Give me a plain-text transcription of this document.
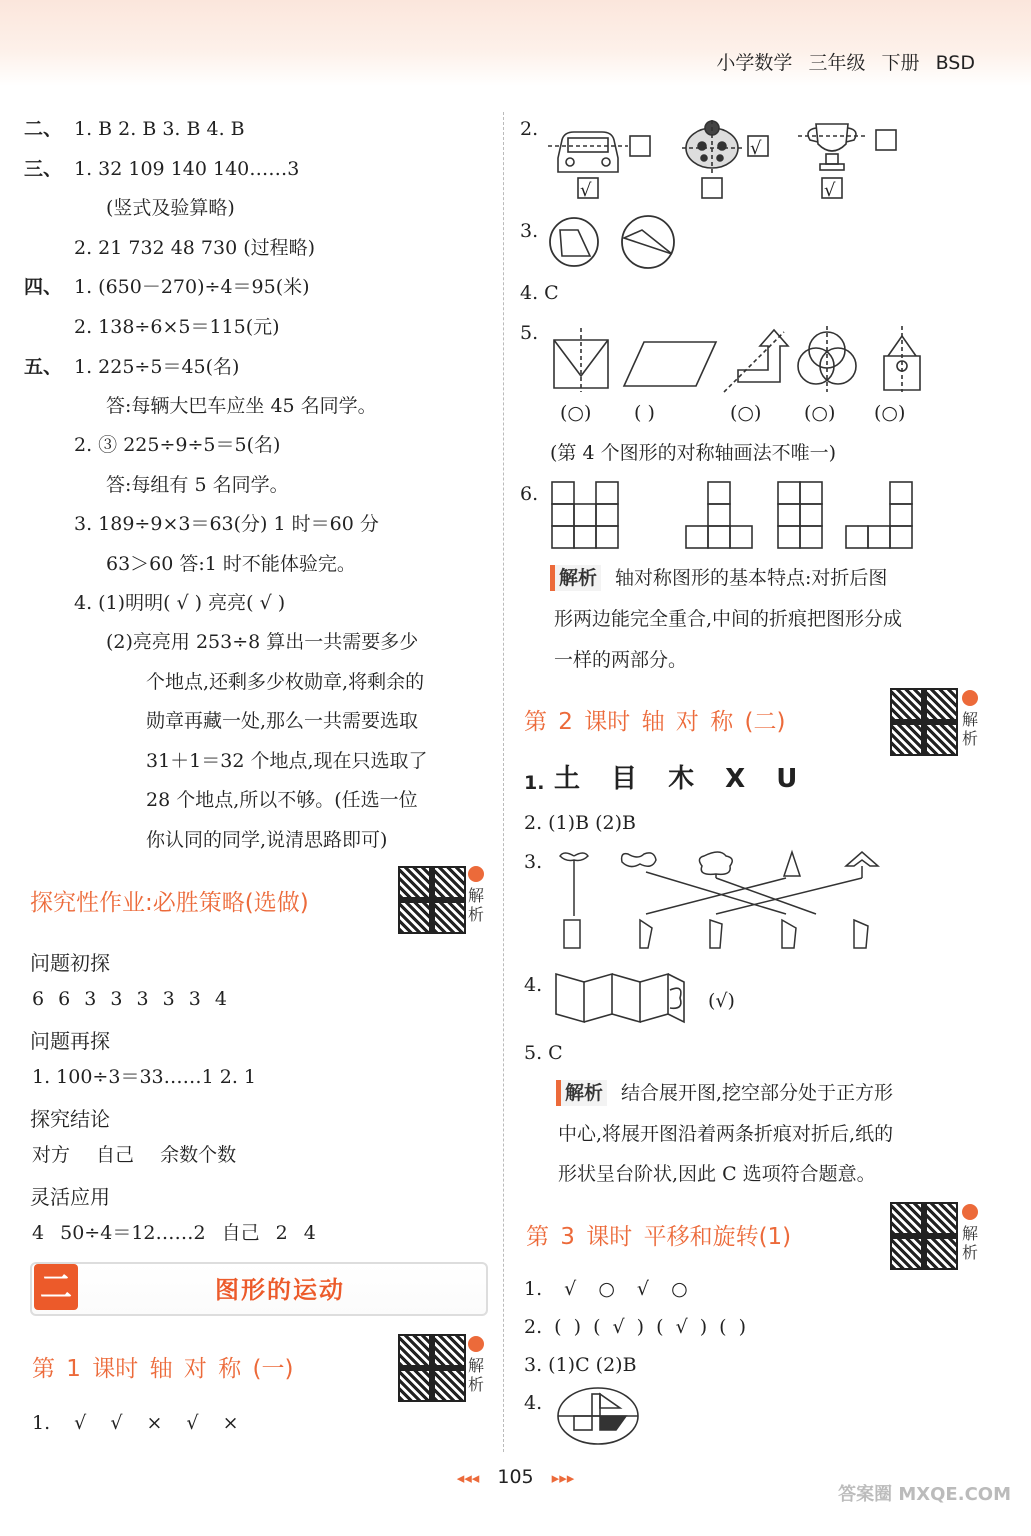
小学数学 三年级 下册 BSD
二、 1. B 2. B 3. B 4. B
三、 1. 32 109 140 140……3
(竖式及验算略)
2. 21 732 48 730 (过程略)
四、 1. (650－270)÷4＝95(米)
2. 138÷6×5＝115(元)
五、 1. 225÷5＝45(名)
答:每辆大巴车应坐 45 名同学。
2. ③ 225÷9÷5＝5(名)
答:每组有 5 名同学。
3. 189÷9×3＝63(分) 1 时＝60 分
63＞60 答:1 时不能体验完。
4. (1)明明( √ ) 亮亮( √ )
(2)亮亮用 253÷8 算出一共需要多少
个地点,还剩多少枚勋章,将剩余的
勋章再藏一处,那么一共需要选取
31＋1＝32 个地点,现在只选取了
28 个地点,所以不够。(任选一位
你认同的同学,说清思路即可)
探究性作业:必胜策略(选做)	解析
问题初探
6 6 3 3 3 3 3 4
问题再探
1. 100÷3＝33……1 2. 1
探究结论
对方 自己 余数个数
灵活应用
4 50÷4＝12……2 自己 2 4
二	图形的运动
第 1 课时 轴 对 称 (一)	解析
1. √ √ × √ ×
2.
√
√
√
3.
4. C
5.
(○) ( )	(○) (○) (○)
(第 4 个图形的对称轴画法不唯一)
6.
解析 轴对称图形的基本特点:对折后图
形两边能完全重合,中间的折痕把图形分成
一样的两部分。
第 2 课时 轴 对 称 (二)	解析
1. 土 目 木 X U
2. (1)B (2)B
3.
4.
(√)
5. C
解析 结合展开图,挖空部分处于正方形
中心,将展开图沿着两条折痕对折后,纸的
形状呈台阶状,因此 C 选项符合题意。
第 3 课时 平移和旋转(1)	解析
1. √ ○ √ ○
2. ( ) ( √ ) ( √ ) ( )
3. (1)C (2)B
4.
◂◂◂ 105 ▸▸▸
答案圈 MXQE.COM
